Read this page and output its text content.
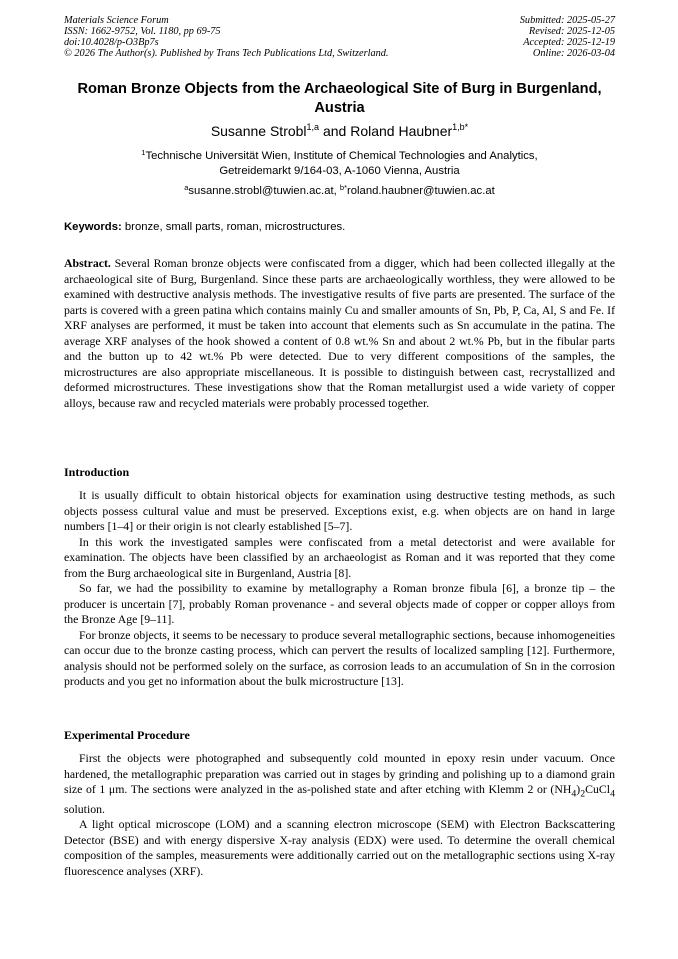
Materials Science Forum
ISSN: 1662-9752, Vol. 1180, pp 69-75
doi:10.4028/p-O3Bp7s
© 2026 The Author(s). Published by Trans Tech Publications Ltd, Switzerland.
Submitted: 2025-05-27
Revised: 2025-12-05
Accepted: 2025-12-19
Online: 2026-03-04
Roman Bronze Objects from the Archaeological Site of Burg in Burgenland, Austria
Susanne Strobl$^{1,a}$ and Roland Haubner$^{1,b*}$
$^1$Technische Universität Wien, Institute of Chemical Technologies and Analytics,
Getreidemarkt 9/164-03, A-1060 Vienna, Austria
$^a$susanne.strobl@tuwien.ac.at, $^{b*}$roland.haubner@tuwien.ac.at
Keywords: bronze, small parts, roman, microstructures.

Abstract. Several Roman bronze objects were confiscated from a digger, which had been collected illegally at the archaeological site of Burg, Burgenland. Since these parts are archaeologically worthless, they were allowed to be examined with destructive analysis methods. The investigative results of five parts are presented. The surface of the parts is covered with a green patina which contains mainly Cu and smaller amounts of Sn, Pb, P, Ca, Al, S and Fe. If XRF analyses are performed, it must be taken into account that elements such as Sn accumulate in the patina. The average XRF analyses of the hook showed a content of 0.8 wt.% Sn and about 2 wt.% Pb, but in the fibular parts and the button up to 42 wt.% Pb were detected. Due to very different compositions of the samples, the microstructures are also appropriate miscellaneous. It is possible to distinguish between cast, recrystallized and deformed microstructures. These investigations show that the Roman metallurgist used a wide variety of copper alloys, because raw and recycled materials were probably processed together.

Introduction

It is usually difficult to obtain historical objects for examination using destructive testing methods, as such objects possess cultural value and must be preserved. Exceptions exist, e.g. when objects are on hand in large numbers [1–4] or their origin is not clearly established [5–7].

In this work the investigated samples were confiscated from a metal detectorist and were available for examination. The objects have been classified by an archaeologist as Roman and it was reported that they come from the Burg archaeological site in Burgenland, Austria [8].

So far, we had the possibility to examine by metallography a Roman bronze fibula [6], a bronze tip – the producer is uncertain [7], probably Roman provenance - and several objects made of copper or copper alloys from the Bronze Age [9–11].

For bronze objects, it seems to be necessary to produce several metallographic sections, because inhomogeneities can occur due to the bronze casting process, which can pervert the results of localized sampling [12]. Furthermore, analysis should not be performed solely on the surface, as corrosion leads to an accumulation of Sn in the corrosion products and you get no information about the bulk microstructure [13].

Experimental Procedure

First the objects were photographed and subsequently cold mounted in epoxy resin under vacuum. Once hardened, the metallographic preparation was carried out in stages by grinding and polishing up to a diamond grain size of 1 μm. The sections were analyzed in the as-polished state and after etching with Klemm 2 or $(NH_4)_2CuCl_4$ solution.

A light optical microscope (LOM) and a scanning electron microscope (SEM) with Electron Backscattering Detector (BSE) and with energy dispersive X-ray analysis (EDX) were used. To determine the overall chemical composition of the samples, measurements were additionally carried out on the metallographic sections using X-ray fluorescence analyses (XRF).
